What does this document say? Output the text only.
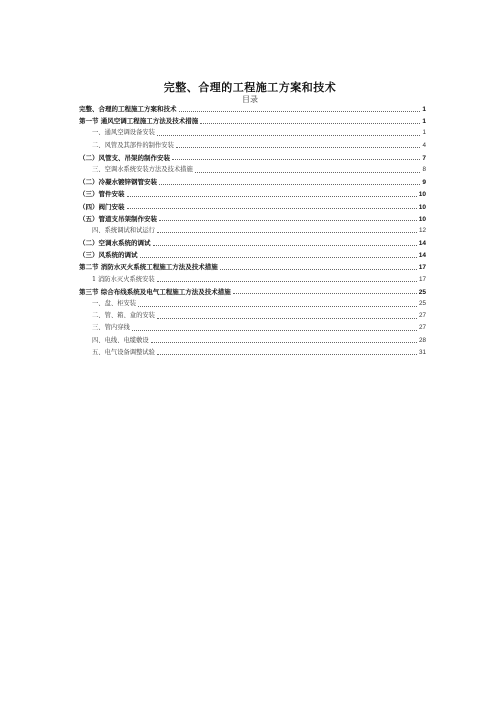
完整、合理的工程施工方案和技术
目录
完整、合理的工程施工方案和技术	1
第一节 通风空调工程施工方法及技术措施	1
一、通风空调设备安装	1
二、风管及其部件的制作安装	4
（二）风管支、吊架的制作安装	7
三、空调水系统安装方法及技术措施	8
（二）冷凝水镀锌钢管安装	9
（三）管件安装	10
（四）阀门安装	10
（五）管道支吊架制作安装	10
四、系统调试和试运行	12
（二）空调水系统的调试	14
（三）风系统的调试	14
第二节 消防水灭火系统工程施工方法及技术措施	17
1 消防水灭火系统安装	17
第三节 综合布线系统及电气工程施工方法及技术措施	25
一、盘、柜安装	25
二、管、箱、盒的安装	27
三、管内穿线	27
四、电线、电缆敷设	28
五、电气设备调整试验	31
